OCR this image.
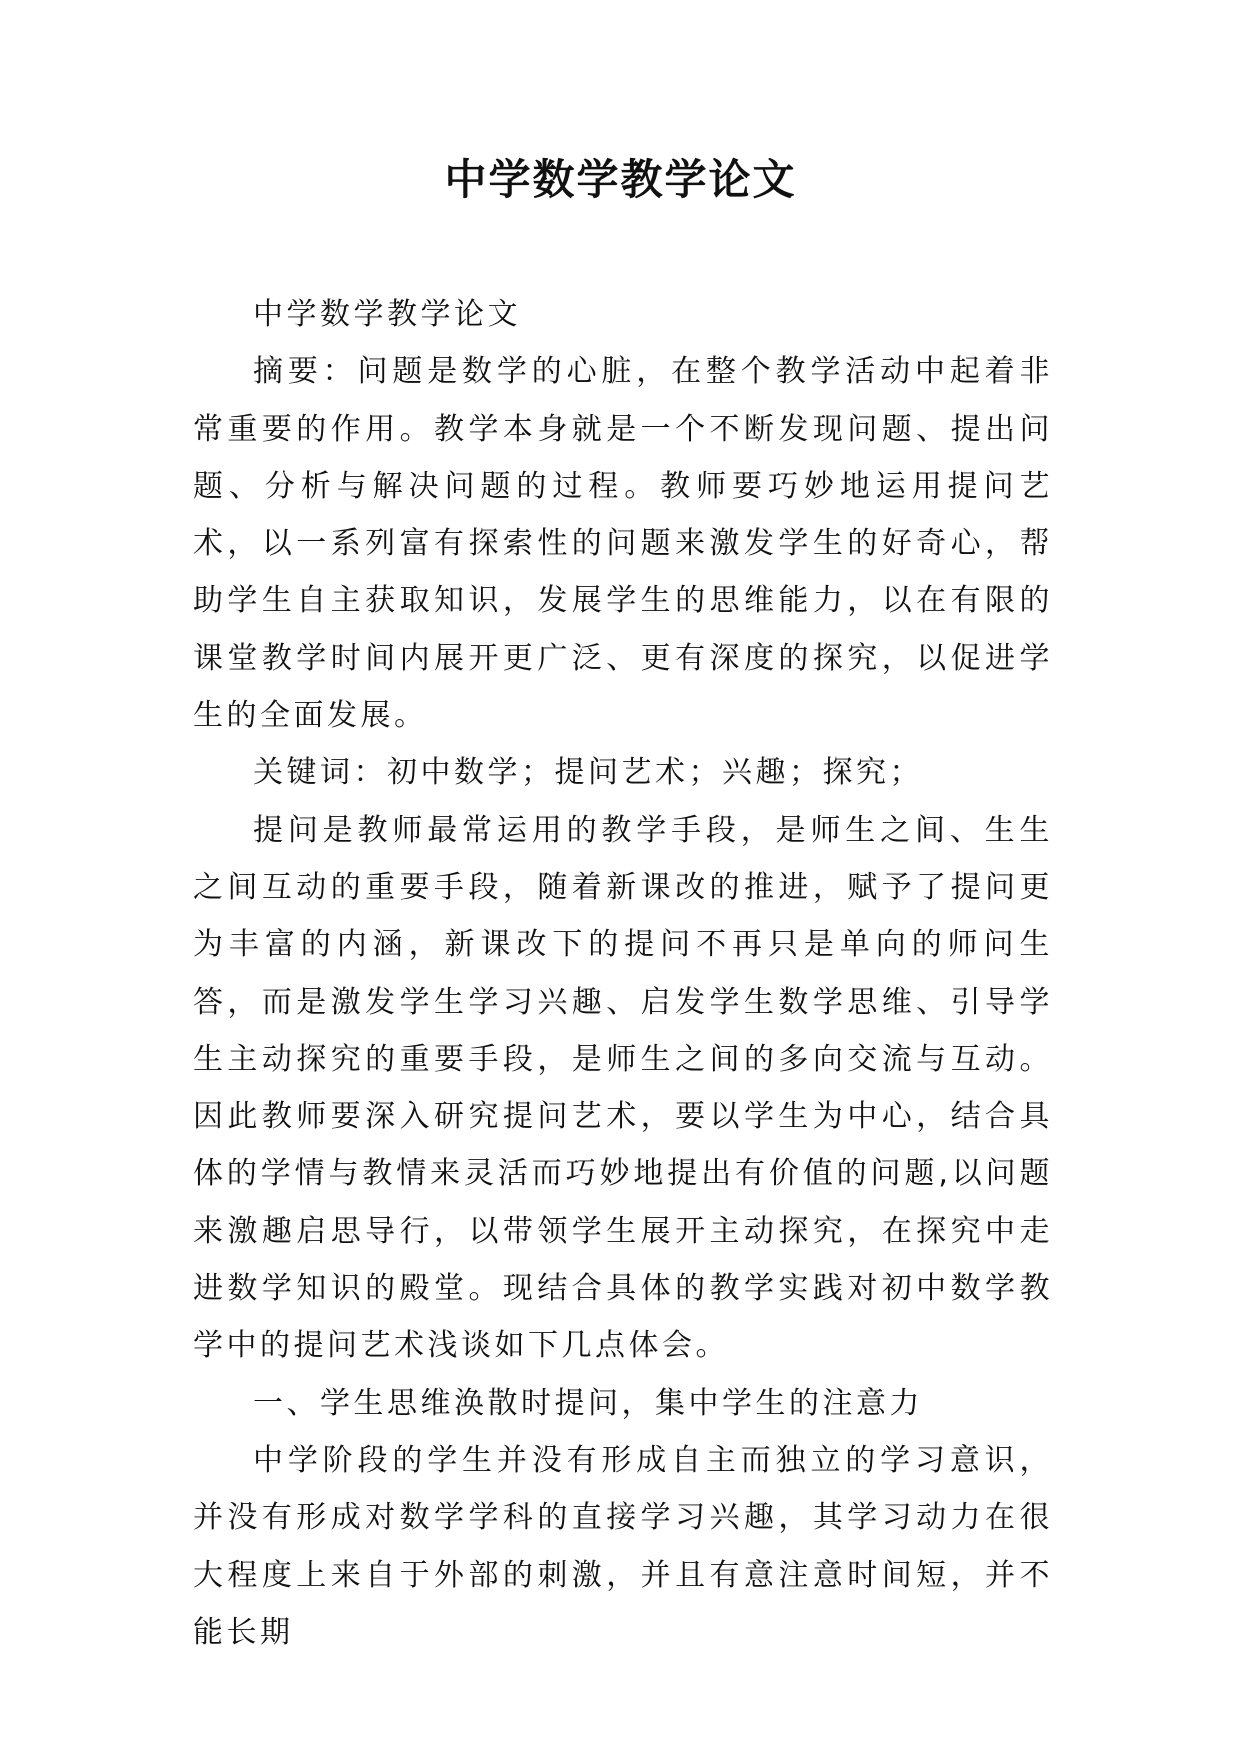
中学数学教学论文

中学数学教学论文

摘要：问题是数学的心脏，在整个教学活动中起着非常重要的作用。教学本身就是一个不断发现问题、提出问题、分析与解决问题的过程。教师要巧妙地运用提问艺术，以一系列富有探索性的问题来激发学生的好奇心，帮助学生自主获取知识，发展学生的思维能力，以在有限的课堂教学时间内展开更广泛、更有深度的探究，以促进学生的全面发展。

关键词：初中数学；提问艺术；兴趣；探究；

提问是教师最常运用的教学手段，是师生之间、生生之间互动的重要手段，随着新课改的推进，赋予了提问更为丰富的内涵，新课改下的提问不再只是单向的师问生答，而是激发学生学习兴趣、启发学生数学思维、引导学生主动探究的重要手段，是师生之间的多向交流与互动。因此教师要深入研究提问艺术，要以学生为中心，结合具体的学情与教情来灵活而巧妙地提出有价值的问题,以问题来激趣启思导行，以带领学生展开主动探究，在探究中走进数学知识的殿堂。现结合具体的教学实践对初中数学教学中的提问艺术浅谈如下几点体会。

一、学生思维涣散时提问，集中学生的注意力

中学阶段的学生并没有形成自主而独立的学习意识，并没有形成对数学学科的直接学习兴趣，其学习动力在很大程度上来自于外部的刺激，并且有意注意时间短，并不能长期
